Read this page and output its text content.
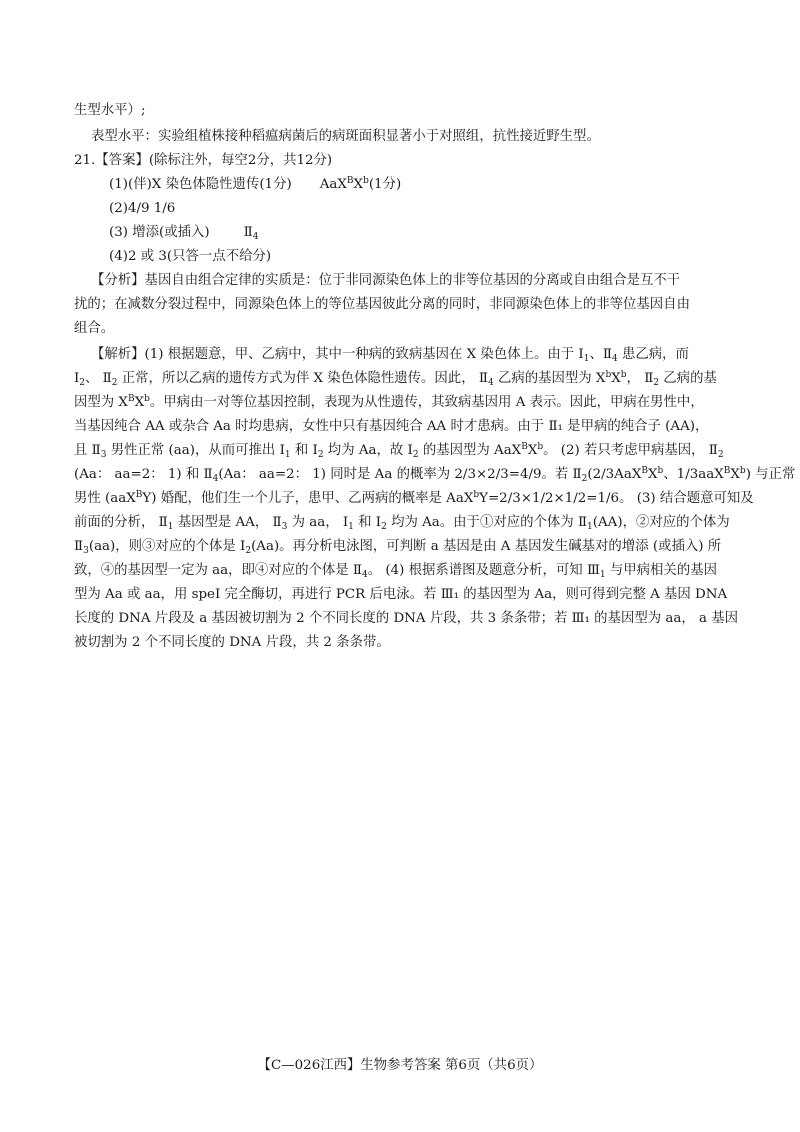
生型水平）;
表型水平：实验组植株接种稻瘟病菌后的病斑面积显著小于对照组，抗性接近野生型。
21.【答案】(除标注外，每空2分，共12分)
(1)(伴)X 染色体隐性遗传(1分) $AaX^BX^b(1$分)
(2)4/9 1/6
(3) 增添(或插入)	$Ⅱ_4$
(4)2 或 3(只答一点不给分)
【分析】基因自由组合定律的实质是：位于非同源染色体上的非等位基因的分离或自由组合是互不干
扰的；在减数分裂过程中，同源染色体上的等位基因彼此分离的同时，非同源染色体上的非等位基因自由
组合。
【解析】(1) 根据题意，甲、乙病中，其中一种病的致病基因在 X 染色体上。由于 $Ⅰ_1$、$Ⅱ_4$ 患乙病，而
$Ⅰ_2$、 $Ⅱ_2$ 正常，所以乙病的遗传方式为伴 X 染色体隐性遗传。因此， $Ⅱ_4$ 乙病的基因型为 $X^bX^b$， $Ⅱ_2$ 乙病的基
因型为 $X^BX^b$。甲病由一对等位基因控制，表现为从性遗传，其致病基因用 A 表示。因此，甲病在男性中，
当基因纯合 AA 或杂合 Aa 时均患病，女性中只有基因纯合 AA 时才患病。由于 Ⅱ₁ 是甲病的纯合子 (AA)，
且 $Ⅱ_3$ 男性正常 (aa)，从而可推出 $Ⅰ_1$ 和 $Ⅰ_2$ 均为 Aa，故 $Ⅰ_2$ 的基因型为 $AaX^BX^b$。 (2) 若只考虑甲病基因， $Ⅱ_2$
(Aa： aa=2： 1) 和 $Ⅱ_4(Aa$： aa=2： 1) 同时是 Aa 的概率为 2/3×2/3=4/9。若 $Ⅱ_2(2/3AaX^BX^b$、$1/3aaX^BX^b$) 与正常
男性 (aaX$^B$Y) 婚配，他们生一个儿子，患甲、乙两病的概率是 AaX$^b$Y=2/3×1/2×1/2=1/6。 (3) 结合题意可知及
前面的分析， $Ⅱ_1$ 基因型是 AA， $Ⅱ_3$ 为 aa， $Ⅰ_1$ 和 $Ⅰ_2$ 均为 Aa。由于①对应的个体为 $Ⅱ_1(AA)$，②对应的个体为
$Ⅱ_3(aa)$，则③对应的个体是 $Ⅰ_2(Aa)$。再分析电泳图，可判断 a 基因是由 A 基因发生碱基对的增添 (或插入) 所
致，④的基因型一定为 aa，即④对应的个体是 $Ⅱ_4$。 (4) 根据系谱图及题意分析，可知 $Ⅲ_1$ 与甲病相关的基因
型为 Aa 或 aa，用 speI 完全酶切，再进行 PCR 后电泳。若 Ⅲ₁ 的基因型为 Aa，则可得到完整 A 基因 DNA
长度的 DNA 片段及 a 基因被切割为 2 个不同长度的 DNA 片段，共 3 条条带；若 Ⅲ₁ 的基因型为 aa， a 基因
被切割为 2 个不同长度的 DNA 片段，共 2 条条带。
【C—026江西】生物参考答案 第6页（共6页）
